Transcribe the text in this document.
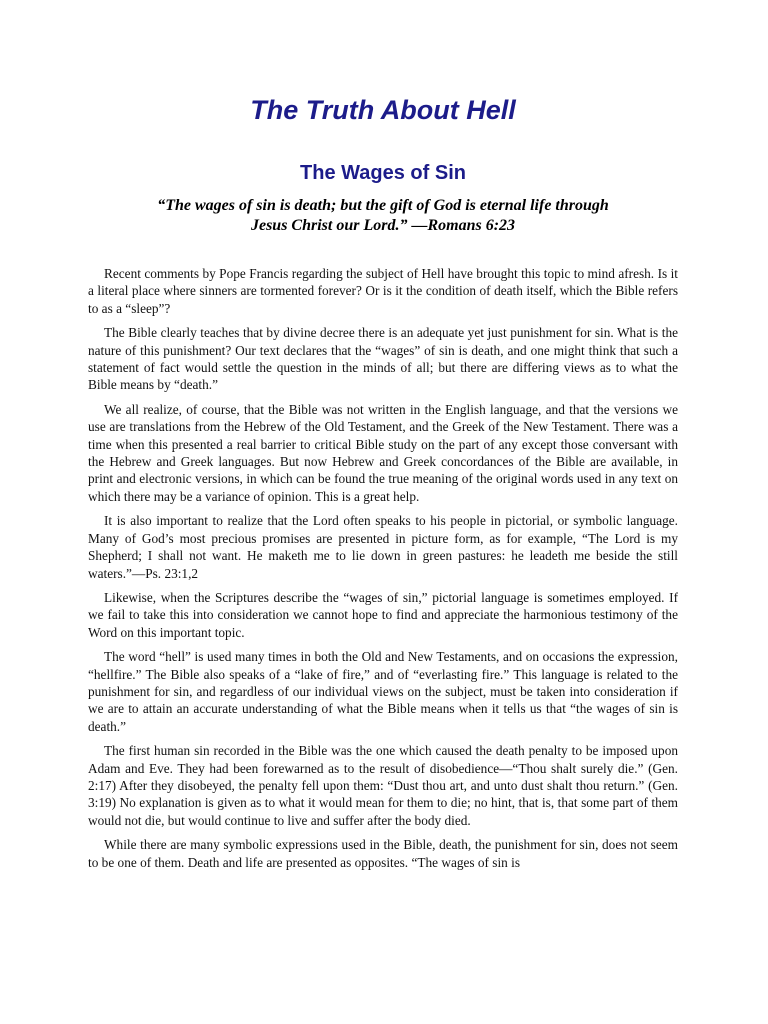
The Truth About Hell
The Wages of Sin
“The wages of sin is death; but the gift of God is eternal life through
Jesus Christ our Lord.” —Romans 6:23

Recent comments by Pope Francis regarding the subject of Hell have brought this topic to mind afresh. Is it a literal place where sinners are tormented forever? Or is it the condition of death itself, which the Bible refers to as a “sleep”?

The Bible clearly teaches that by divine decree there is an adequate yet just punishment for sin. What is the nature of this punishment? Our text declares that the “wages” of sin is death, and one might think that such a statement of fact would settle the question in the minds of all; but there are differing views as to what the Bible means by “death.”

We all realize, of course, that the Bible was not written in the English language, and that the versions we use are translations from the Hebrew of the Old Testament, and the Greek of the New Testament. There was a time when this presented a real barrier to critical Bible study on the part of any except those conversant with the Hebrew and Greek languages. But now Hebrew and Greek concordances of the Bible are available, in print and electronic versions, in which can be found the true meaning of the original words used in any text on which there may be a variance of opinion. This is a great help.

It is also important to realize that the Lord often speaks to his people in pictorial, or symbolic language. Many of God’s most precious promises are presented in picture form, as for example, “The Lord is my Shepherd; I shall not want. He maketh me to lie down in green pastures: he leadeth me beside the still waters.”—Ps. 23:1,2

Likewise, when the Scriptures describe the “wages of sin,” pictorial language is sometimes employed. If we fail to take this into consideration we cannot hope to find and appreciate the harmonious testimony of the Word on this important topic.

The word “hell” is used many times in both the Old and New Testaments, and on occasions the expression, “hellfire.” The Bible also speaks of a “lake of fire,” and of “everlasting fire.” This language is related to the punishment for sin, and regardless of our individual views on the subject, must be taken into consideration if we are to attain an accurate understanding of what the Bible means when it tells us that “the wages of sin is death.”

The first human sin recorded in the Bible was the one which caused the death penalty to be imposed upon Adam and Eve. They had been forewarned as to the result of disobedience—“Thou shalt surely die.” (Gen. 2:17) After they disobeyed, the penalty fell upon them: “Dust thou art, and unto dust shalt thou return.” (Gen. 3:19) No explanation is given as to what it would mean for them to die; no hint, that is, that some part of them would not die, but would continue to live and suffer after the body died.

While there are many symbolic expressions used in the Bible, death, the punishment for sin, does not seem to be one of them. Death and life are presented as opposites. “The wages of sin is
